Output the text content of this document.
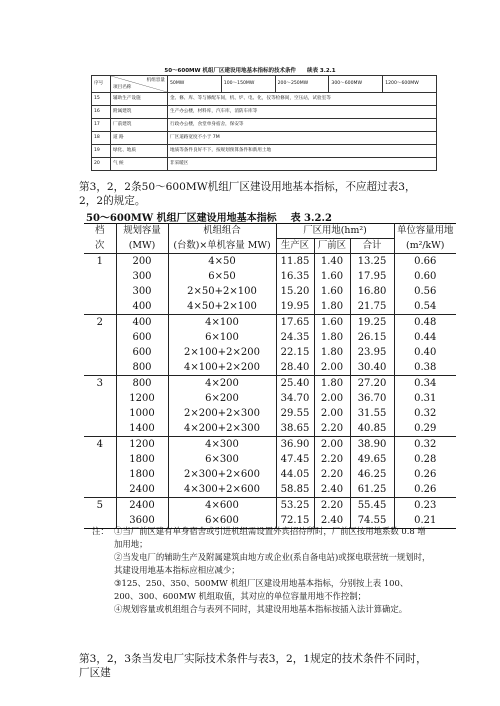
50～600MW 机组厂区建设用地基本指标的技术条件　　续表 3.2.1
序号	机组容量
项目名称	50MW	100～150MW	200～250MW	300～600MW	1200～600MW
15	辅助生产设施	金、修、库、等与修配车间，机、炉、电、化，仪等检修间，空压站，试验室等				
16	附属建筑	生产办公楼，材料库，汽车库，消防车库等				
17	厂前建筑	行政办公楼，食堂单身宿舍，保安等				
18	道 路	厂区道路宽度不小于 7M				
19	绿化、地质	地质等条件良好不下，按规划预算条件和新用土地				
20	气 候	非采暖区				
第3，2，2条50～600MW机组厂区建设用地基本指标，不应超过表3，2，2的规定。
50～600MW 机组厂区建设用地基本指标 表 3.2.2
档	规划容量	机组组合	厂区用地(hm²)			单位容量用地
次	(MW)	(台数)×单机容量 MW)	生产区	厂前区	合计	(m²/kW)

1	200	4×50	11.85	1.40	13.25	0.66
	300	6×50	16.35	1.60	17.95	0.60
	300	2×50+2×100	15.20	1.60	16.80	0.56
	400	4×50+2×100	19.95	1.80	21.75	0.54

2	400	4×100	17.65	1.60	19.25	0.48
	600	6×100	24.35	1.80	26.15	0.44
	600	2×100+2×200	22.15	1.80	23.95	0.40
	800	4×100+2×200	28.40	2.00	30.40	0.38

3	800	4×200	25.40	1.80	27.20	0.34
	1200	6×200	34.70	2.00	36.70	0.31
	1000	2×200+2×300	29.55	2.00	31.55	0.32
	1400	4×200+2×300	38.65	2.20	40.85	0.29

4	1200	4×300	36.90	2.00	38.90	0.32
	1800	6×300	47.45	2.20	49.65	0.28
	1800	2×300+2×600	44.05	2.20	46.25	0.26
	2400	4×300+2×600	58.85	2.40	61.25	0.26

5	2400	4×600	53.25	2.20	55.45	0.23
	3600	6×600	72.15	2.40	74.55	0.21
注： ①当厂前区建有单身宿舍或引进机组需设置外宾招待所时，厂前区按用地系数 0.8 增加用地；
②当发电厂的辅助生产及附属建筑由地方或企业(系自备电站)或探电联营统一规划时，其建设用地基本指标应相应减少；
③125、250、350、500MW 机组厂区建设用地基本指标，分别按上表 100、200、300、600MW 机组取值，其对应的单位容量用地不作控制；
④规划容量或机组组合与表列不同时，其建设用地基本指标按插入法计算确定。
第3，2，3条当发电厂实际技术条件与表3，2，1规定的技术条件不同时，厂区建
